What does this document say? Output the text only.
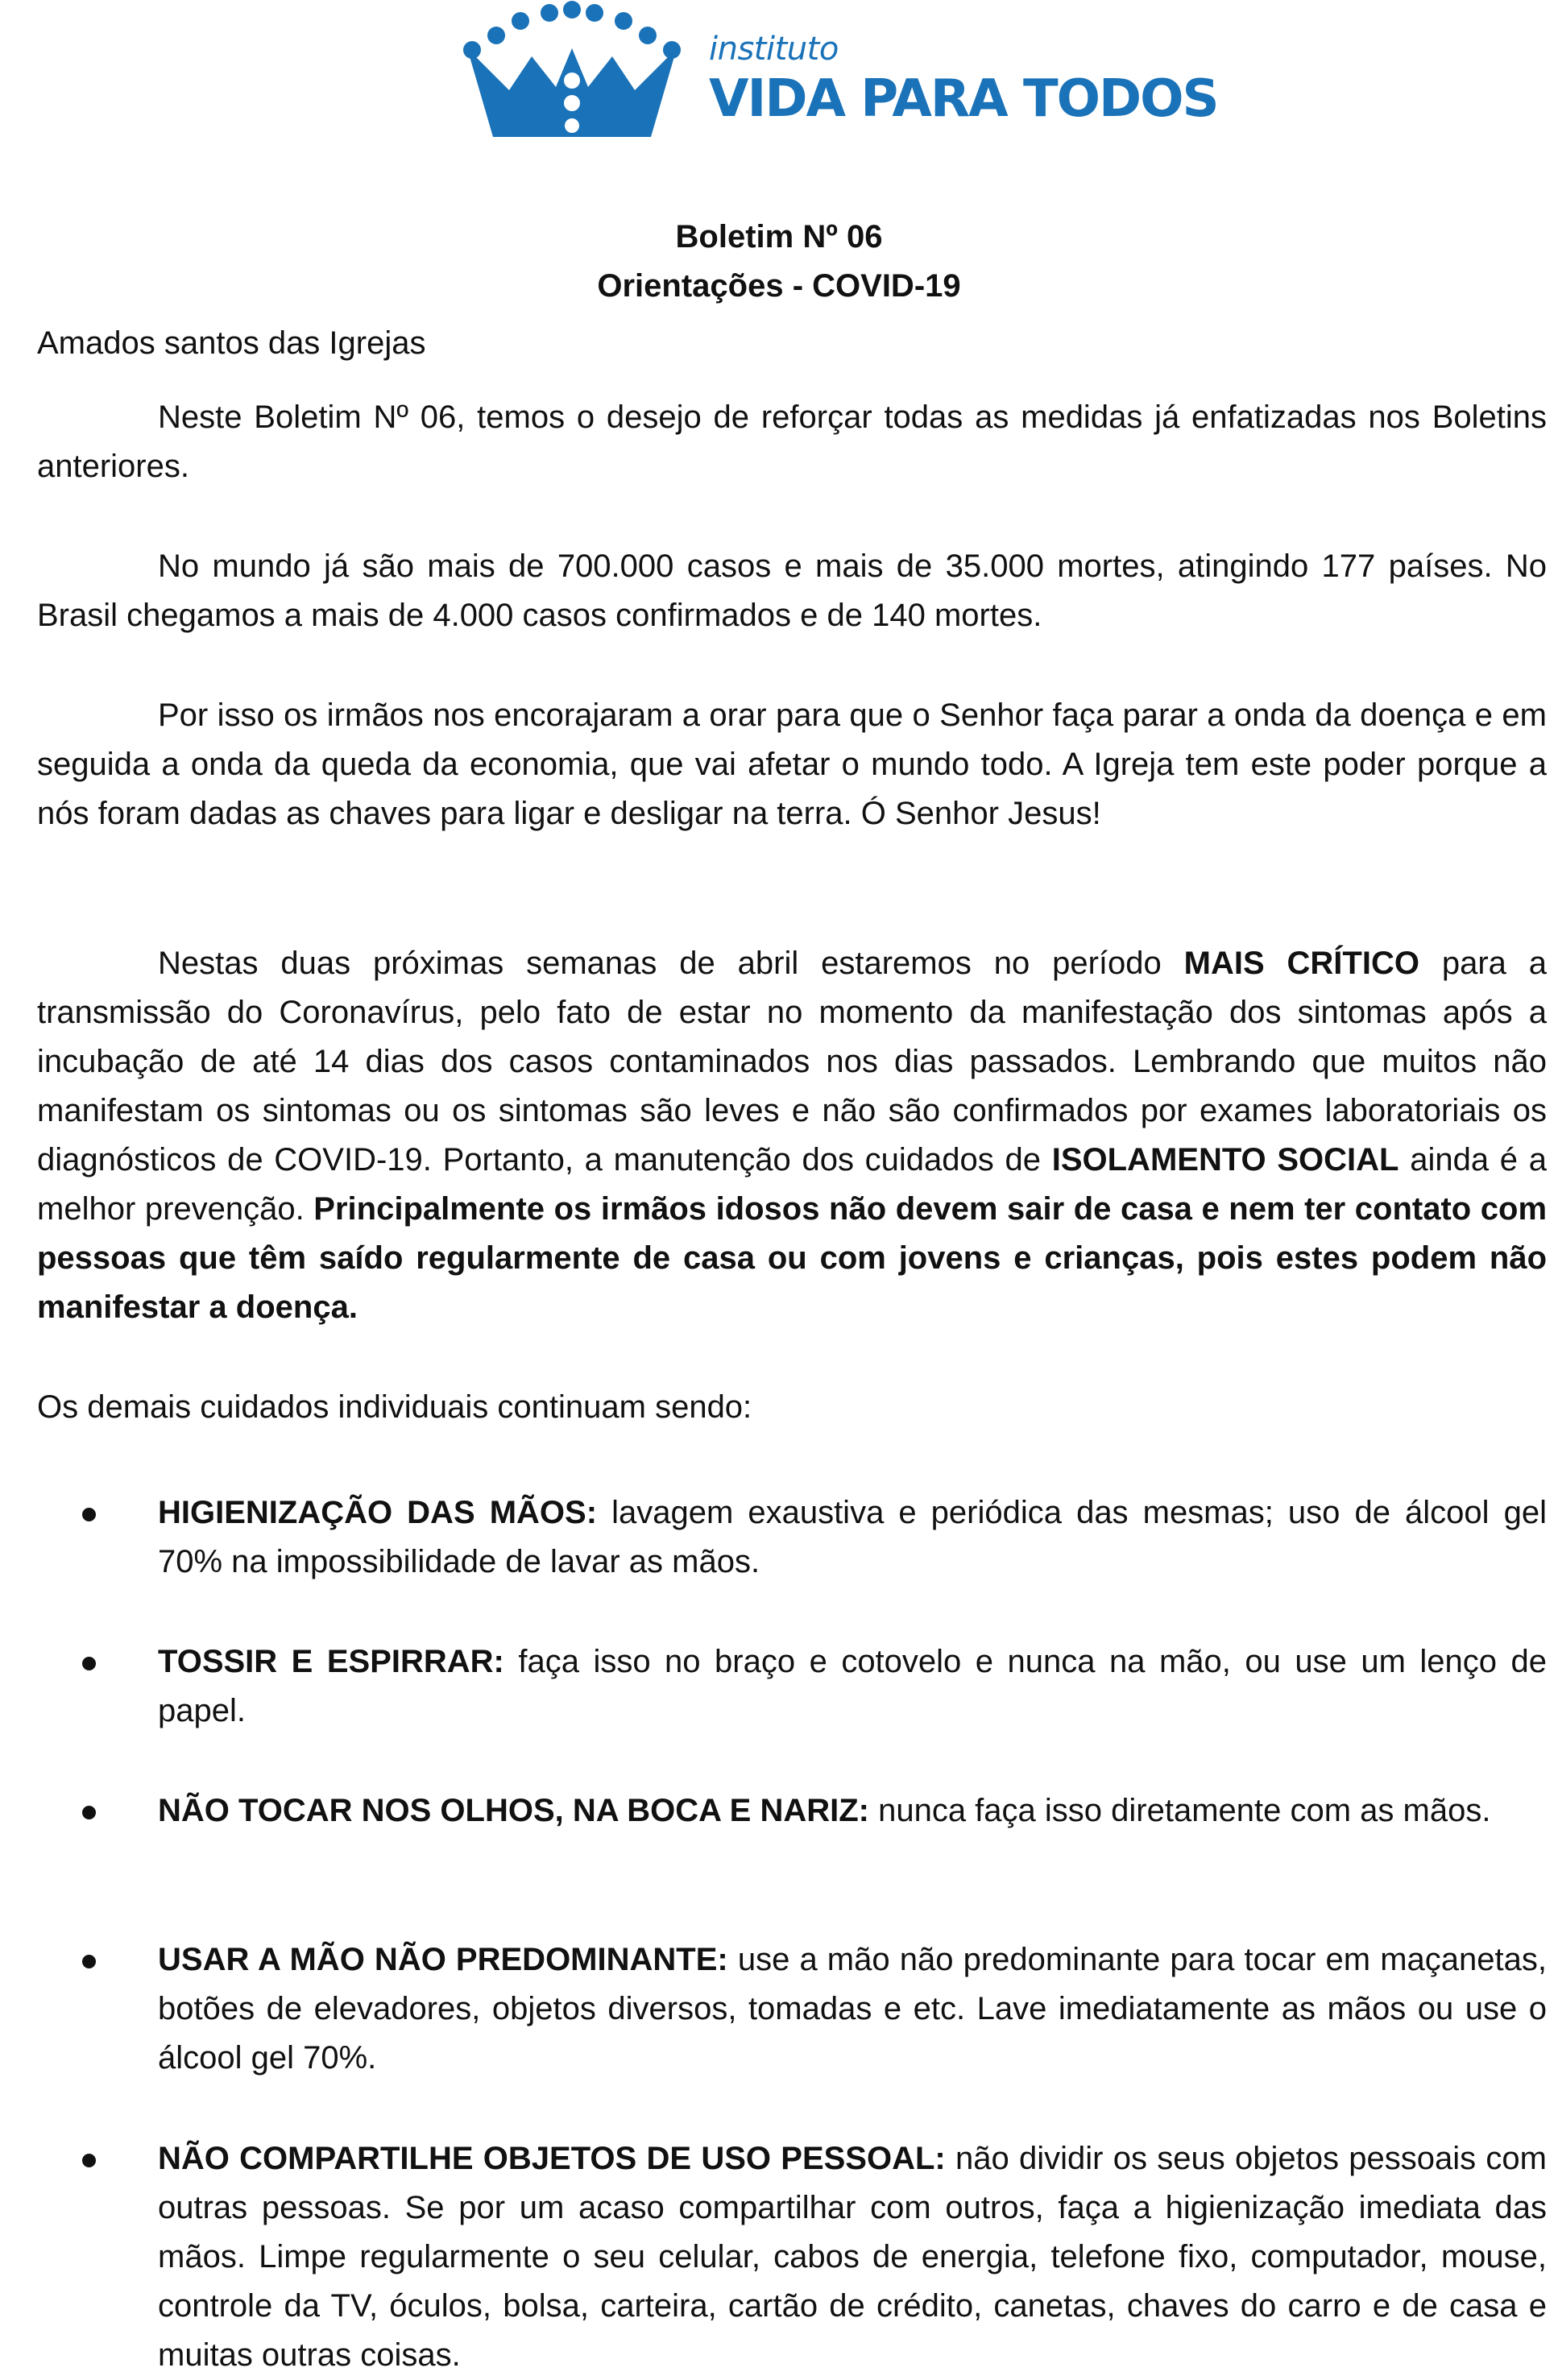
instituto
VIDA PARA TODOS
Boletim Nº 06
Orientações - COVID-19
Amados santos das Igrejas

Neste Boletim Nº 06, temos o desejo de reforçar todas as medidas já enfatizadas nos Boletins anteriores.

No mundo já são mais de 700.000 casos e mais de 35.000 mortes, atingindo 177 países. No Brasil chegamos a mais de 4.000 casos confirmados e de 140 mortes.

Por isso os irmãos nos encorajaram a orar para que o Senhor faça parar a onda da doença e em seguida a onda da queda da economia, que vai afetar o mundo todo. A Igreja tem este poder porque a nós foram dadas as chaves para ligar e desligar na terra. Ó Senhor Jesus!

Nestas duas próximas semanas de abril estaremos no período MAIS CRÍTICO para a transmissão do Coronavírus, pelo fato de estar no momento da manifestação dos sintomas após a incubação de até 14 dias dos casos contaminados nos dias passados. Lembrando que muitos não manifestam os sintomas ou os sintomas são leves e não são confirmados por exames laboratoriais os diagnósticos de COVID-19. Portanto, a manutenção dos cuidados de ISOLAMENTO SOCIAL ainda é a melhor prevenção. Principalmente os irmãos idosos não devem sair de casa e nem ter contato com pessoas que têm saído regularmente de casa ou com jovens e crianças, pois estes podem não manifestar a doença.

Os demais cuidados individuais continuam sendo:

HIGIENIZAÇÃO DAS MÃOS: lavagem exaustiva e periódica das mesmas; uso de álcool gel 70% na impossibilidade de lavar as mãos.
TOSSIR E ESPIRRAR: faça isso no braço e cotovelo e nunca na mão, ou use um lenço de papel.
NÃO TOCAR NOS OLHOS, NA BOCA E NARIZ: nunca faça isso diretamente com as mãos.
USAR A MÃO NÃO PREDOMINANTE: use a mão não predominante para tocar em maçanetas, botões de elevadores, objetos diversos, tomadas e etc. Lave imediatamente as mãos ou use o álcool gel 70%.
NÃO COMPARTILHE OBJETOS DE USO PESSOAL: não dividir os seus objetos pessoais com outras pessoas. Se por um acaso compartilhar com outros, faça a higienização imediata das mãos. Limpe regularmente o seu celular, cabos de energia, telefone fixo, computador, mouse, controle da TV, óculos, bolsa, carteira, cartão de crédito, canetas, chaves do carro e de casa e muitas outras coisas.
